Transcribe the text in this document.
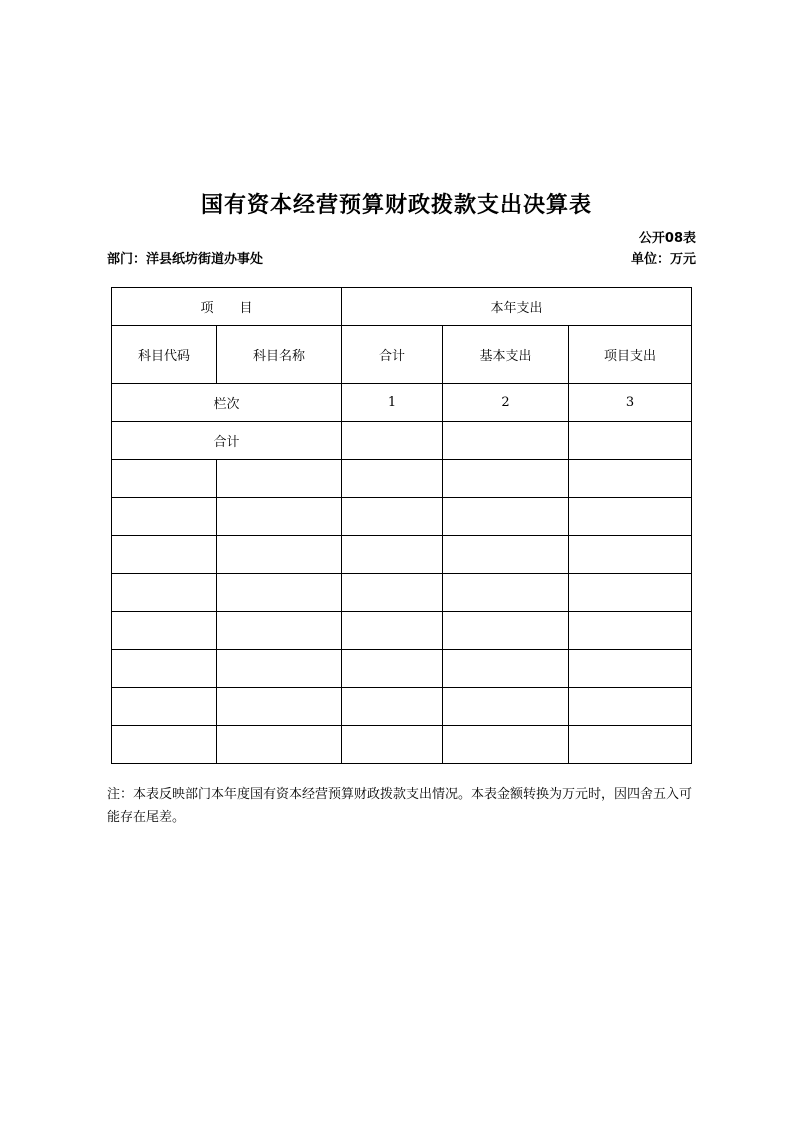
国有资本经营预算财政拨款支出决算表
公开08表
部门：洋县纸坊街道办事处	单位：万元
项　　目		本年支出		
科目代码	科目名称	合计	基本支出	项目支出
栏次		1	2	3
合计				

注：本表反映部门本年度国有资本经营预算财政拨款支出情况。本表金额转换为万元时，因四舍五入可能存在尾差。
